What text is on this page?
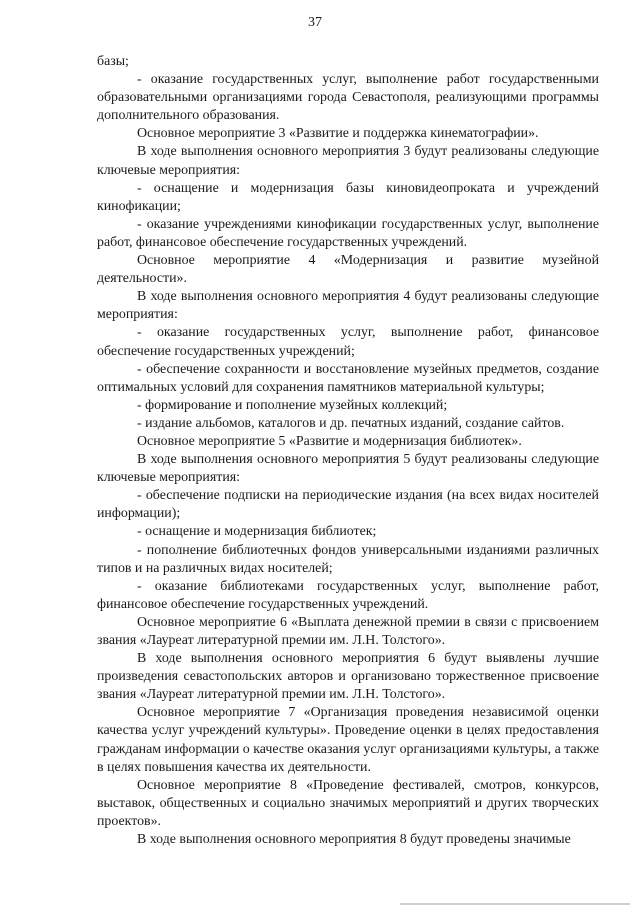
37

базы;

- оказание государственных услуг, выполнение работ государственными образовательными организациями города Севастополя, реализующими программы дополнительного образования.

Основное мероприятие 3 «Развитие и поддержка кинематографии».

В ходе выполнения основного мероприятия 3 будут реализованы следующие ключевые мероприятия:

- оснащение и модернизация базы киновидеопроката и учреждений кинофикации;

- оказание учреждениями кинофикации государственных услуг, выполнение работ, финансовое обеспечение государственных учреждений.

Основное мероприятие 4 «Модернизация и развитие музейной деятельности».

В ходе выполнения основного мероприятия 4 будут реализованы следующие мероприятия:

- оказание государственных услуг, выполнение работ, финансовое обеспечение государственных учреждений;

- обеспечение сохранности и восстановление музейных предметов, создание оптимальных условий для сохранения памятников материальной культуры;

- формирование и пополнение музейных коллекций;

- издание альбомов, каталогов и др. печатных изданий, создание сайтов.

Основное мероприятие 5 «Развитие и модернизация библиотек».

В ходе выполнения основного мероприятия 5 будут реализованы следующие ключевые мероприятия:

- обеспечение подписки на периодические издания (на всех видах носителей информации);

- оснащение и модернизация библиотек;

- пополнение библиотечных фондов универсальными изданиями различных типов и на различных видах носителей;

- оказание библиотеками государственных услуг, выполнение работ, финансовое обеспечение государственных учреждений.

Основное мероприятие 6 «Выплата денежной премии в связи с присвоением звания «Лауреат литературной премии им. Л.Н. Толстого».

В ходе выполнения основного мероприятия 6 будут выявлены лучшие произведения севастопольских авторов и организовано торжественное присвоение звания «Лауреат литературной премии им. Л.Н. Толстого».

Основное мероприятие 7 «Организация проведения независимой оценки качества услуг учреждений культуры». Проведение оценки в целях предоставления гражданам информации о качестве оказания услуг организациями культуры, а также в целях повышения качества их деятельности.

Основное мероприятие 8 «Проведение фестивалей, смотров, конкурсов, выставок, общественных и социально значимых мероприятий и других творческих проектов».

В ходе выполнения основного мероприятия 8 будут проведены значимые
